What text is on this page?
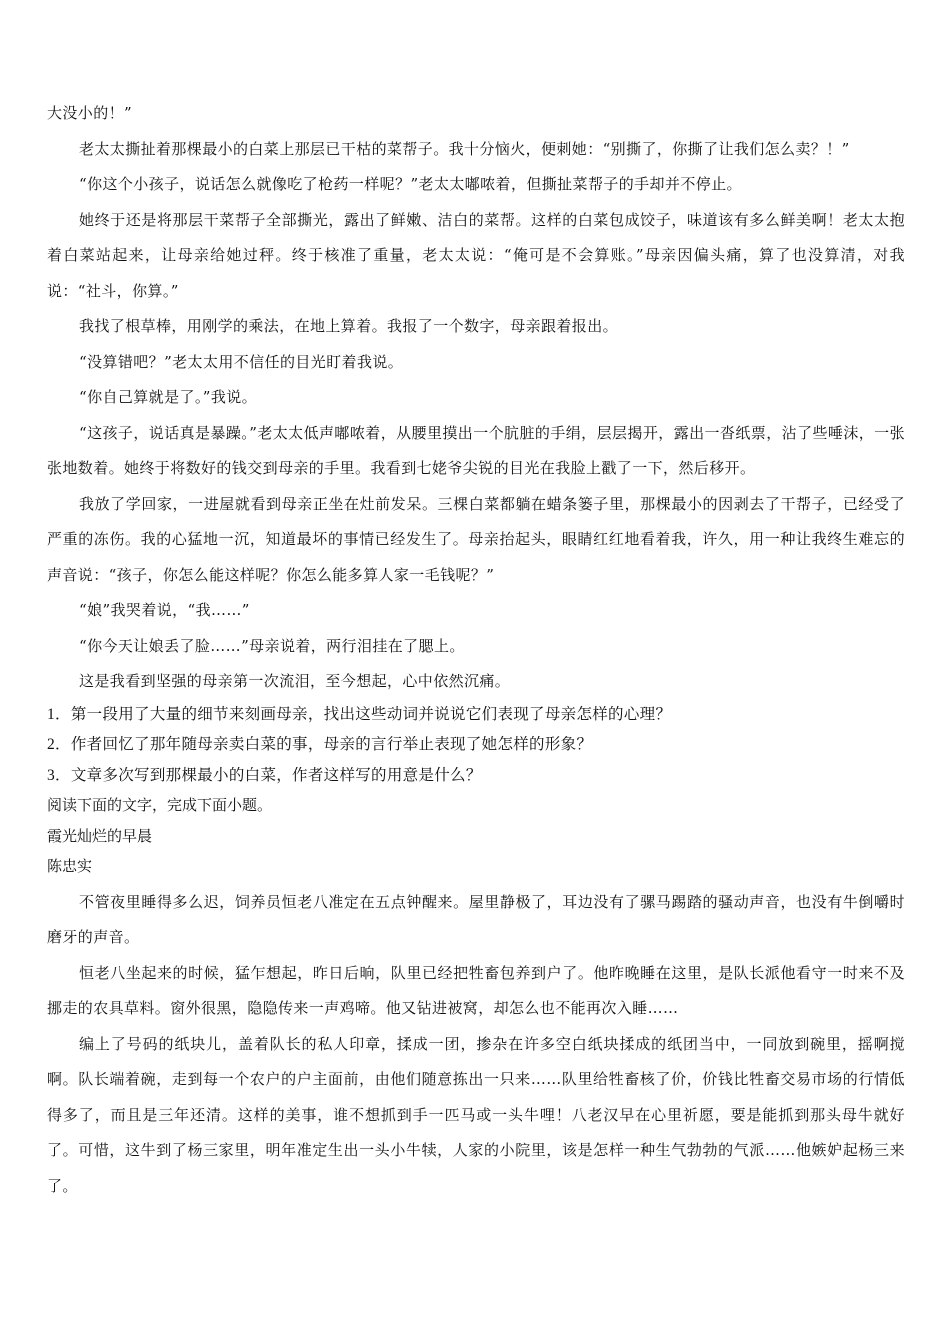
大没小的！”

老太太撕扯着那棵最小的白菜上那层已干枯的菜帮子。我十分恼火，便刺她：“别撕了，你撕了让我们怎么卖？！”

“你这个小孩子，说话怎么就像吃了枪药一样呢？”老太太嘟哝着，但撕扯菜帮子的手却并不停止。

她终于还是将那层干菜帮子全部撕光，露出了鲜嫩、洁白的菜帮。这样的白菜包成饺子，味道该有多么鲜美啊！老太太抱着白菜站起来，让母亲给她过秤。终于核准了重量，老太太说：“俺可是不会算账。”母亲因偏头痛，算了也没算清，对我说：“社斗，你算。”

我找了根草棒，用刚学的乘法，在地上算着。我报了一个数字，母亲跟着报出。

“没算错吧？”老太太用不信任的目光盯着我说。

“你自己算就是了。”我说。

“这孩子，说话真是暴躁。”老太太低声嘟哝着，从腰里摸出一个肮脏的手绢，层层揭开，露出一沓纸票，沾了些唾沫，一张张地数着。她终于将数好的钱交到母亲的手里。我看到七姥爷尖锐的目光在我脸上戳了一下，然后移开。

我放了学回家，一进屋就看到母亲正坐在灶前发呆。三棵白菜都躺在蜡条篓子里，那棵最小的因剥去了干帮子，已经受了严重的冻伤。我的心猛地一沉，知道最坏的事情已经发生了。母亲抬起头，眼睛红红地看着我，许久，用一种让我终生难忘的声音说：“孩子，你怎么能这样呢？你怎么能多算人家一毛钱呢？”

“娘”我哭着说，“我……”

“你今天让娘丢了脸……”母亲说着，两行泪挂在了腮上。

这是我看到坚强的母亲第一次流泪，至今想起，心中依然沉痛。

1．第一段用了大量的细节来刻画母亲，找出这些动词并说说它们表现了母亲怎样的心理？

2．作者回忆了那年随母亲卖白菜的事，母亲的言行举止表现了她怎样的形象？

3．文章多次写到那棵最小的白菜，作者这样写的用意是什么？

阅读下面的文字，完成下面小题。

霞光灿烂的早晨

陈忠实

不管夜里睡得多么迟，饲养员恒老八准定在五点钟醒来。屋里静极了，耳边没有了骡马踢踏的骚动声音，也没有牛倒嚼时磨牙的声音。

恒老八坐起来的时候，猛乍想起，昨日后晌，队里已经把牲畜包养到户了。他昨晚睡在这里，是队长派他看守一时来不及挪走的农具草料。窗外很黑，隐隐传来一声鸡啼。他又钻进被窝，却怎么也不能再次入睡……

编上了号码的纸块儿，盖着队长的私人印章，揉成一团，掺杂在许多空白纸块揉成的纸团当中，一同放到碗里，摇啊搅啊。队长端着碗，走到每一个农户的户主面前，由他们随意拣出一只来……队里给牲畜核了价，价钱比牲畜交易市场的行情低得多了，而且是三年还清。这样的美事，谁不想抓到手一匹马或一头牛哩！八老汉早在心里祈愿，要是能抓到那头母牛就好了。可惜，这牛到了杨三家里，明年准定生出一头小牛犊，人家的小院里，该是怎样一种生气勃勃的气派……他嫉妒起杨三来了。
